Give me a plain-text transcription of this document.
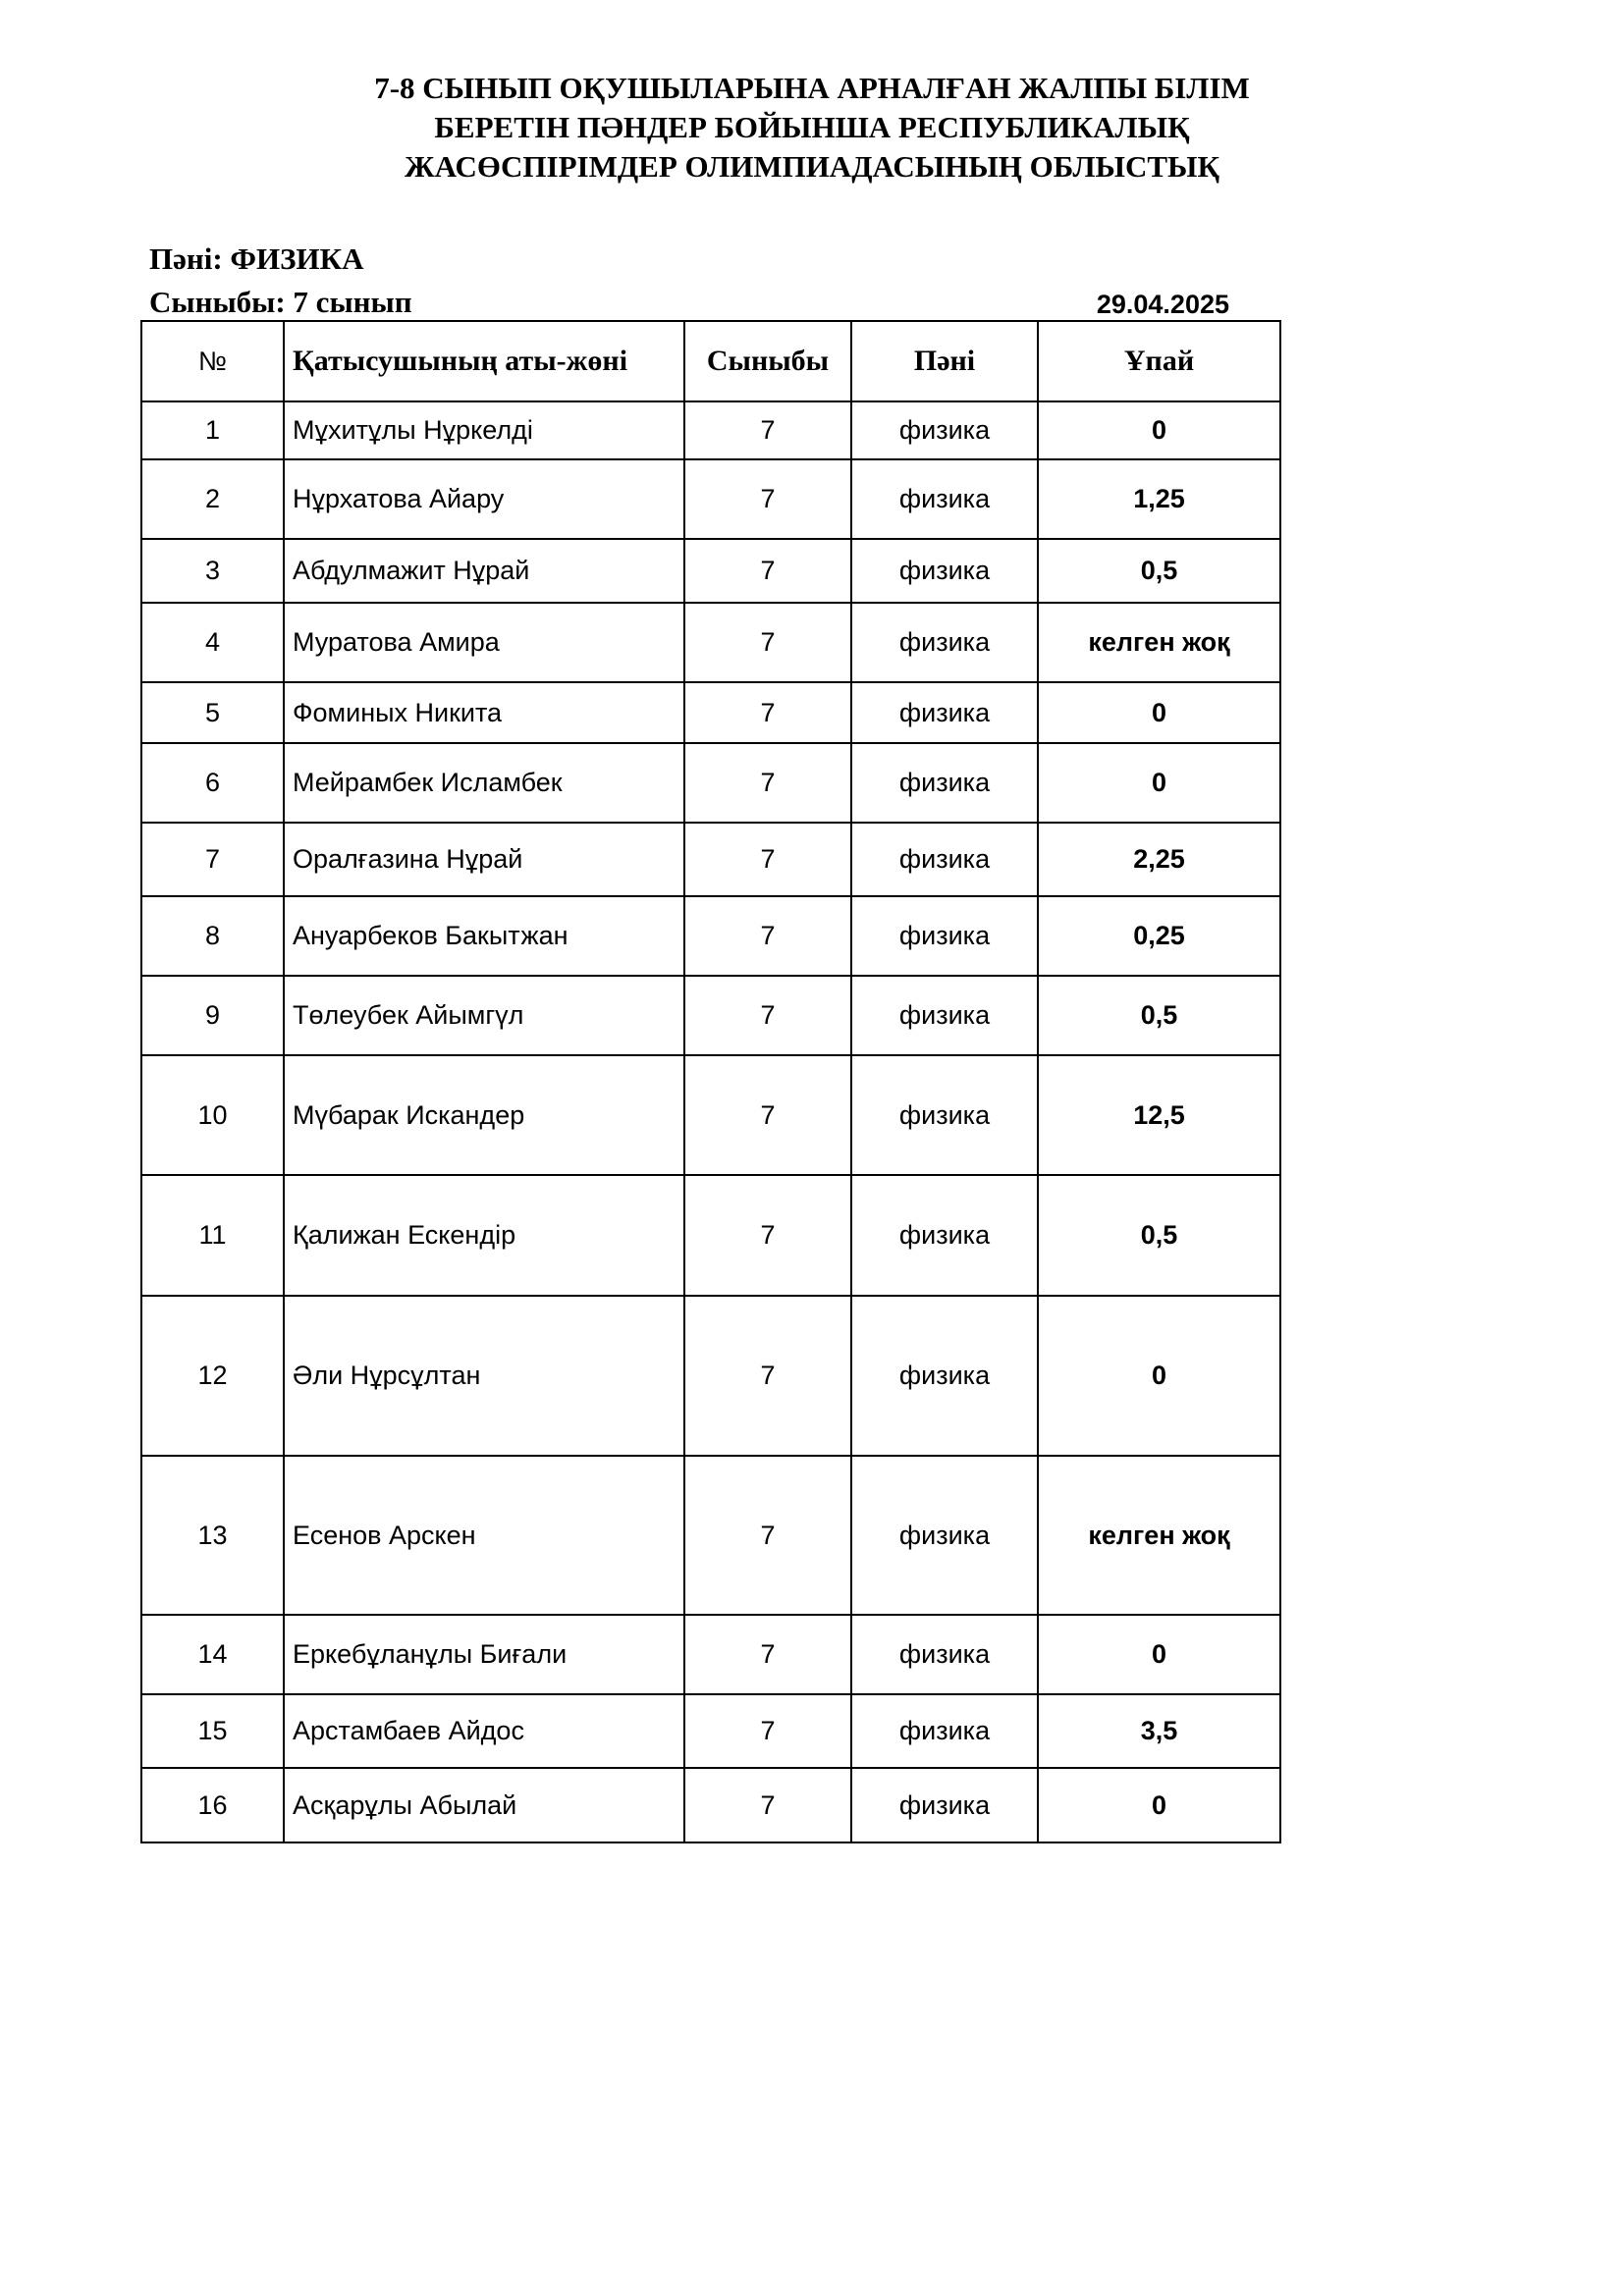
7-8 СЫНЫП ОҚУШЫЛАРЫНА АРНАЛҒАН ЖАЛПЫ БІЛІМ
БЕРЕТІН ПӘНДЕР БОЙЫНША РЕСПУБЛИКАЛЫҚ
ЖАСӨСПІРІМДЕР ОЛИМПИАДАСЫНЫҢ ОБЛЫСТЫҚ
Пәні: ФИЗИКА
Сыныбы: 7 сынып	29.04.2025
№	Қатысушының аты-жөні	Сыныбы	Пәні	Ұпай
1	Мұхитұлы Нұркелді	7	физика	0
2	Нұрхатова Айару	7	физика	1,25
3	Абдулмажит Нұрай	7	физика	0,5
4	Муратова Амира	7	физика	келген жоқ
5	Фоминых Никита	7	физика	0
6	Мейрамбек Исламбек	7	физика	0
7	Оралғазина Нұрай	7	физика	2,25
8	Ануарбеков Бакытжан	7	физика	0,25
9	Төлеубек Айымгүл	7	физика	0,5
10	Мүбарак Искандер	7	физика	12,5
11	Қалижан Ескендір	7	физика	0,5
12	Әли Нұрсұлтан	7	физика	0
13	Есенов Арскен	7	физика	келген жоқ
14	Еркебұланұлы Биғали	7	физика	0
15	Арстамбаев Айдос	7	физика	3,5
16	Асқарұлы Абылай	7	физика	0
